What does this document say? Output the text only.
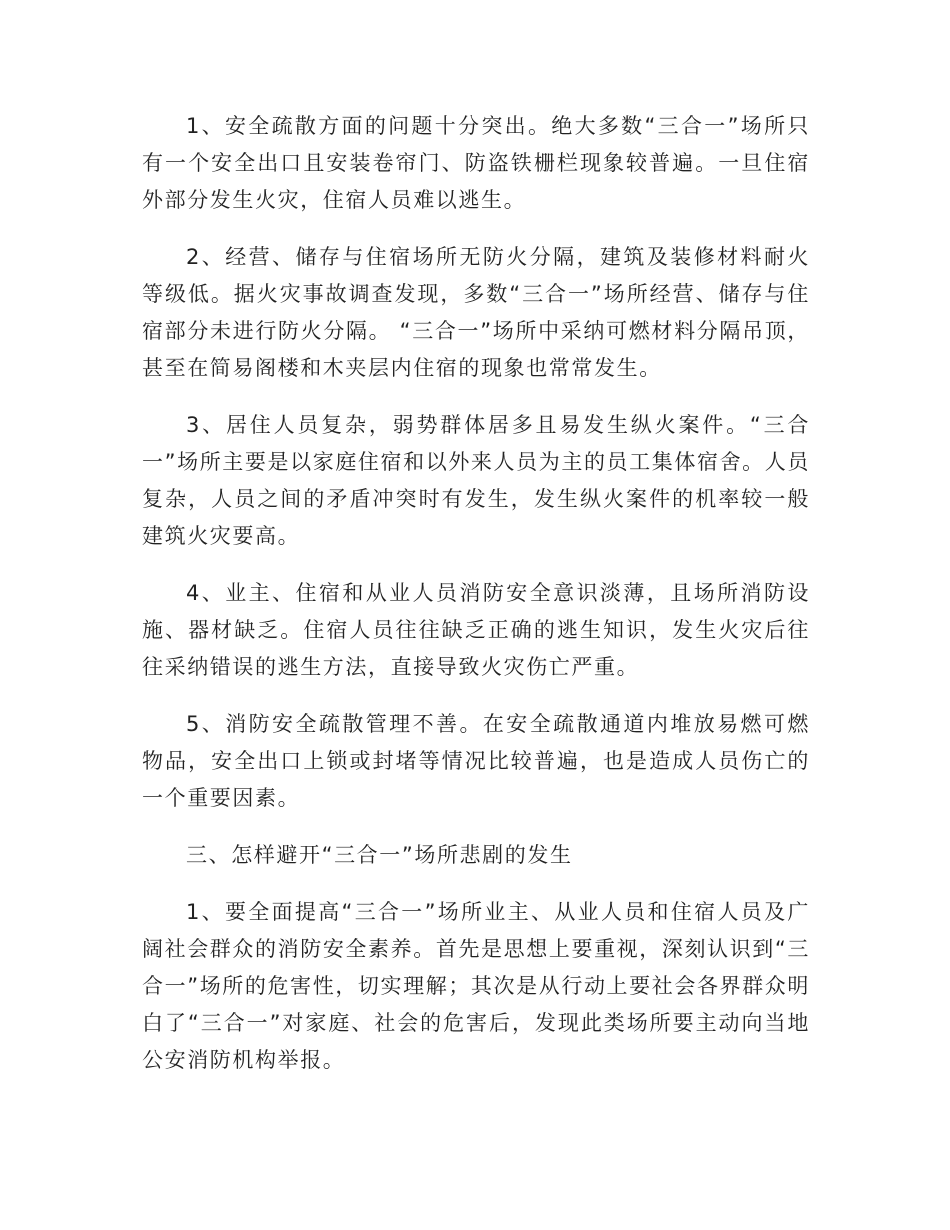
1、安全疏散方面的问题十分突出。绝大多数“三合一”场所只有一个安全出口且安装卷帘门、防盗铁栅栏现象较普遍。一旦住宿外部分发生火灾，住宿人员难以逃生。

2、经营、储存与住宿场所无防火分隔，建筑及装修材料耐火等级低。据火灾事故调查发现，多数“三合一”场所经营、储存与住宿部分未进行防火分隔。 “三合一”场所中采纳可燃材料分隔吊顶，甚至在简易阁楼和木夹层内住宿的现象也常常发生。

3、居住人员复杂，弱势群体居多且易发生纵火案件。“三合一”场所主要是以家庭住宿和以外来人员为主的员工集体宿舍。人员复杂，人员之间的矛盾冲突时有发生，发生纵火案件的机率较一般建筑火灾要高。

4、业主、住宿和从业人员消防安全意识淡薄，且场所消防设施、器材缺乏。住宿人员往往缺乏正确的逃生知识，发生火灾后往往采纳错误的逃生方法，直接导致火灾伤亡严重。

5、消防安全疏散管理不善。在安全疏散通道内堆放易燃可燃物品，安全出口上锁或封堵等情况比较普遍，也是造成人员伤亡的一个重要因素。

三、怎样避开“三合一”场所悲剧的发生

1、要全面提高“三合一”场所业主、从业人员和住宿人员及广阔社会群众的消防安全素养。首先是思想上要重视，深刻认识到“三合一”场所的危害性，切实理解；其次是从行动上要社会各界群众明白了“三合一”对家庭、社会的危害后，发现此类场所要主动向当地公安消防机构举报。
